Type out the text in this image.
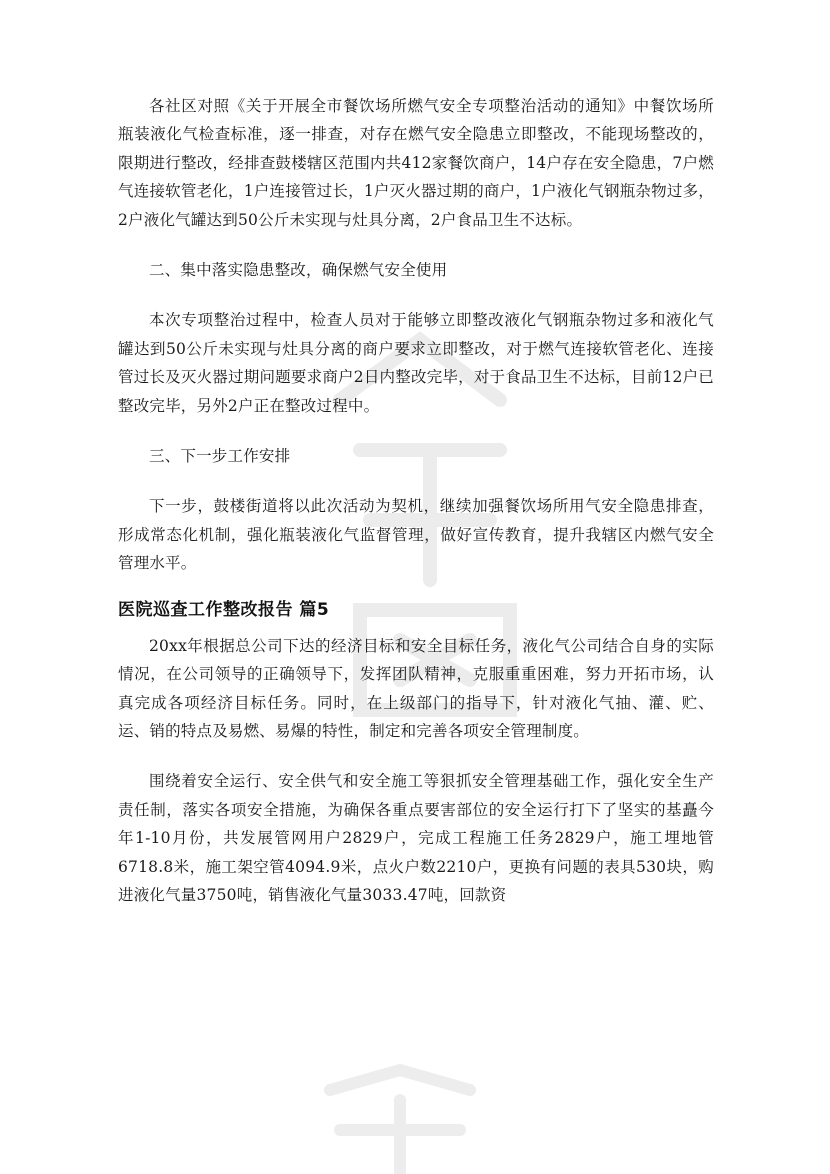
各社区对照《关于开展全市餐饮场所燃气安全专项整治活动的通知》中餐饮场所瓶装液化气检查标准，逐一排查，对存在燃气安全隐患立即整改，不能现场整改的，限期进行整改，经排查鼓楼辖区范围内共412家餐饮商户，14户存在安全隐患，7户燃气连接软管老化，1户连接管过长，1户灭火器过期的商户，1户液化气钢瓶杂物过多，2户液化气罐达到50公斤未实现与灶具分离，2户食品卫生不达标。

二、集中落实隐患整改，确保燃气安全使用

本次专项整治过程中，检查人员对于能够立即整改液化气钢瓶杂物过多和液化气罐达到50公斤未实现与灶具分离的商户要求立即整改，对于燃气连接软管老化、连接管过长及灭火器过期问题要求商户2日内整改完毕，对于食品卫生不达标，目前12户已整改完毕，另外2户正在整改过程中。

三、下一步工作安排

下一步，鼓楼街道将以此次活动为契机，继续加强餐饮场所用气安全隐患排查，形成常态化机制，强化瓶装液化气监督管理，做好宣传教育，提升我辖区内燃气安全管理水平。

医院巡查工作整改报告 篇5

20xx年根据总公司下达的经济目标和安全目标任务，液化气公司结合自身的实际情况，在公司领导的正确领导下，发挥团队精神，克服重重困难，努力开拓市场，认真完成各项经济目标任务。同时，在上级部门的指导下，针对液化气抽、灌、贮、运、销的特点及易燃、易爆的特性，制定和完善各项安全管理制度。

围绕着安全运行、安全供气和安全施工等狠抓安全管理基础工作，强化安全生产责任制，落实各项安全措施，为确保各重点要害部位的安全运行打下了坚实的基矗今年1-10月份，共发展管网用户2829户，完成工程施工任务2829户，施工埋地管6718.8米，施工架空管4094.9米，点火户数2210户，更换有问题的表具530块，购进液化气量3750吨，销售液化气量3033.47吨，回款资
